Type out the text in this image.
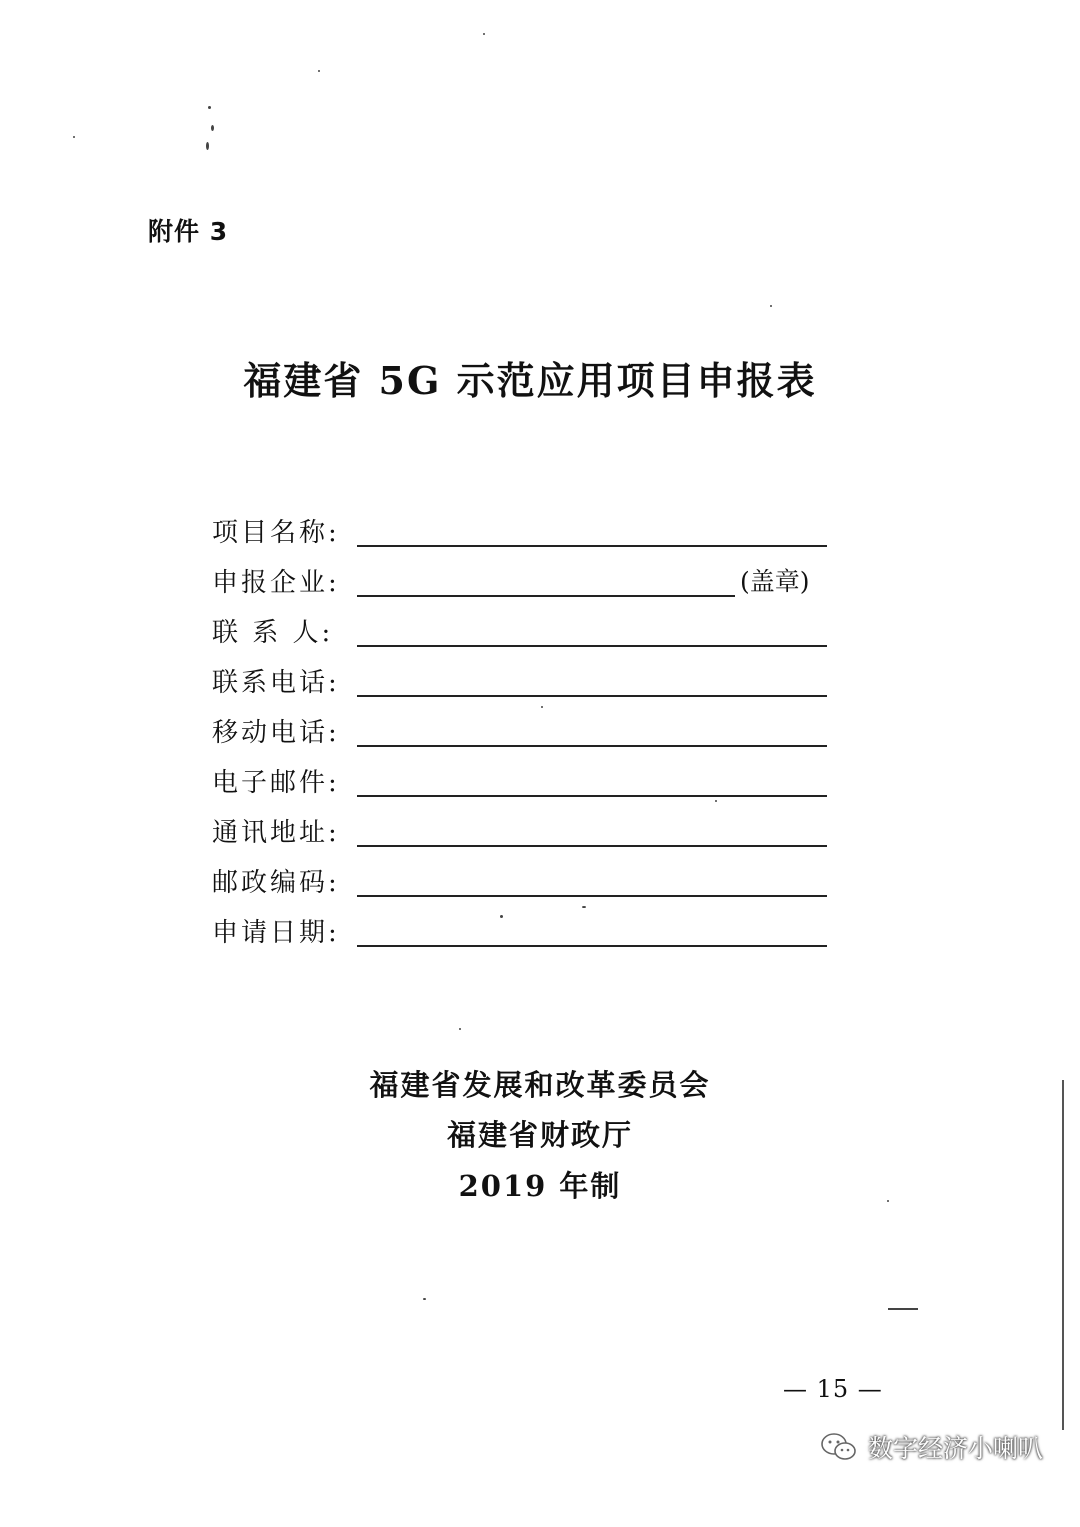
附件 3
福建省 5G 示范应用项目申报表
项目名称:
申报企业:	(盖章)
联 系 人:
联系电话:
移动电话:
电子邮件:
通讯地址:
邮政编码:
申请日期:
福建省发展和改革委员会
福建省财政厅
2019 年制
— 15 —
数字经济小喇叭
